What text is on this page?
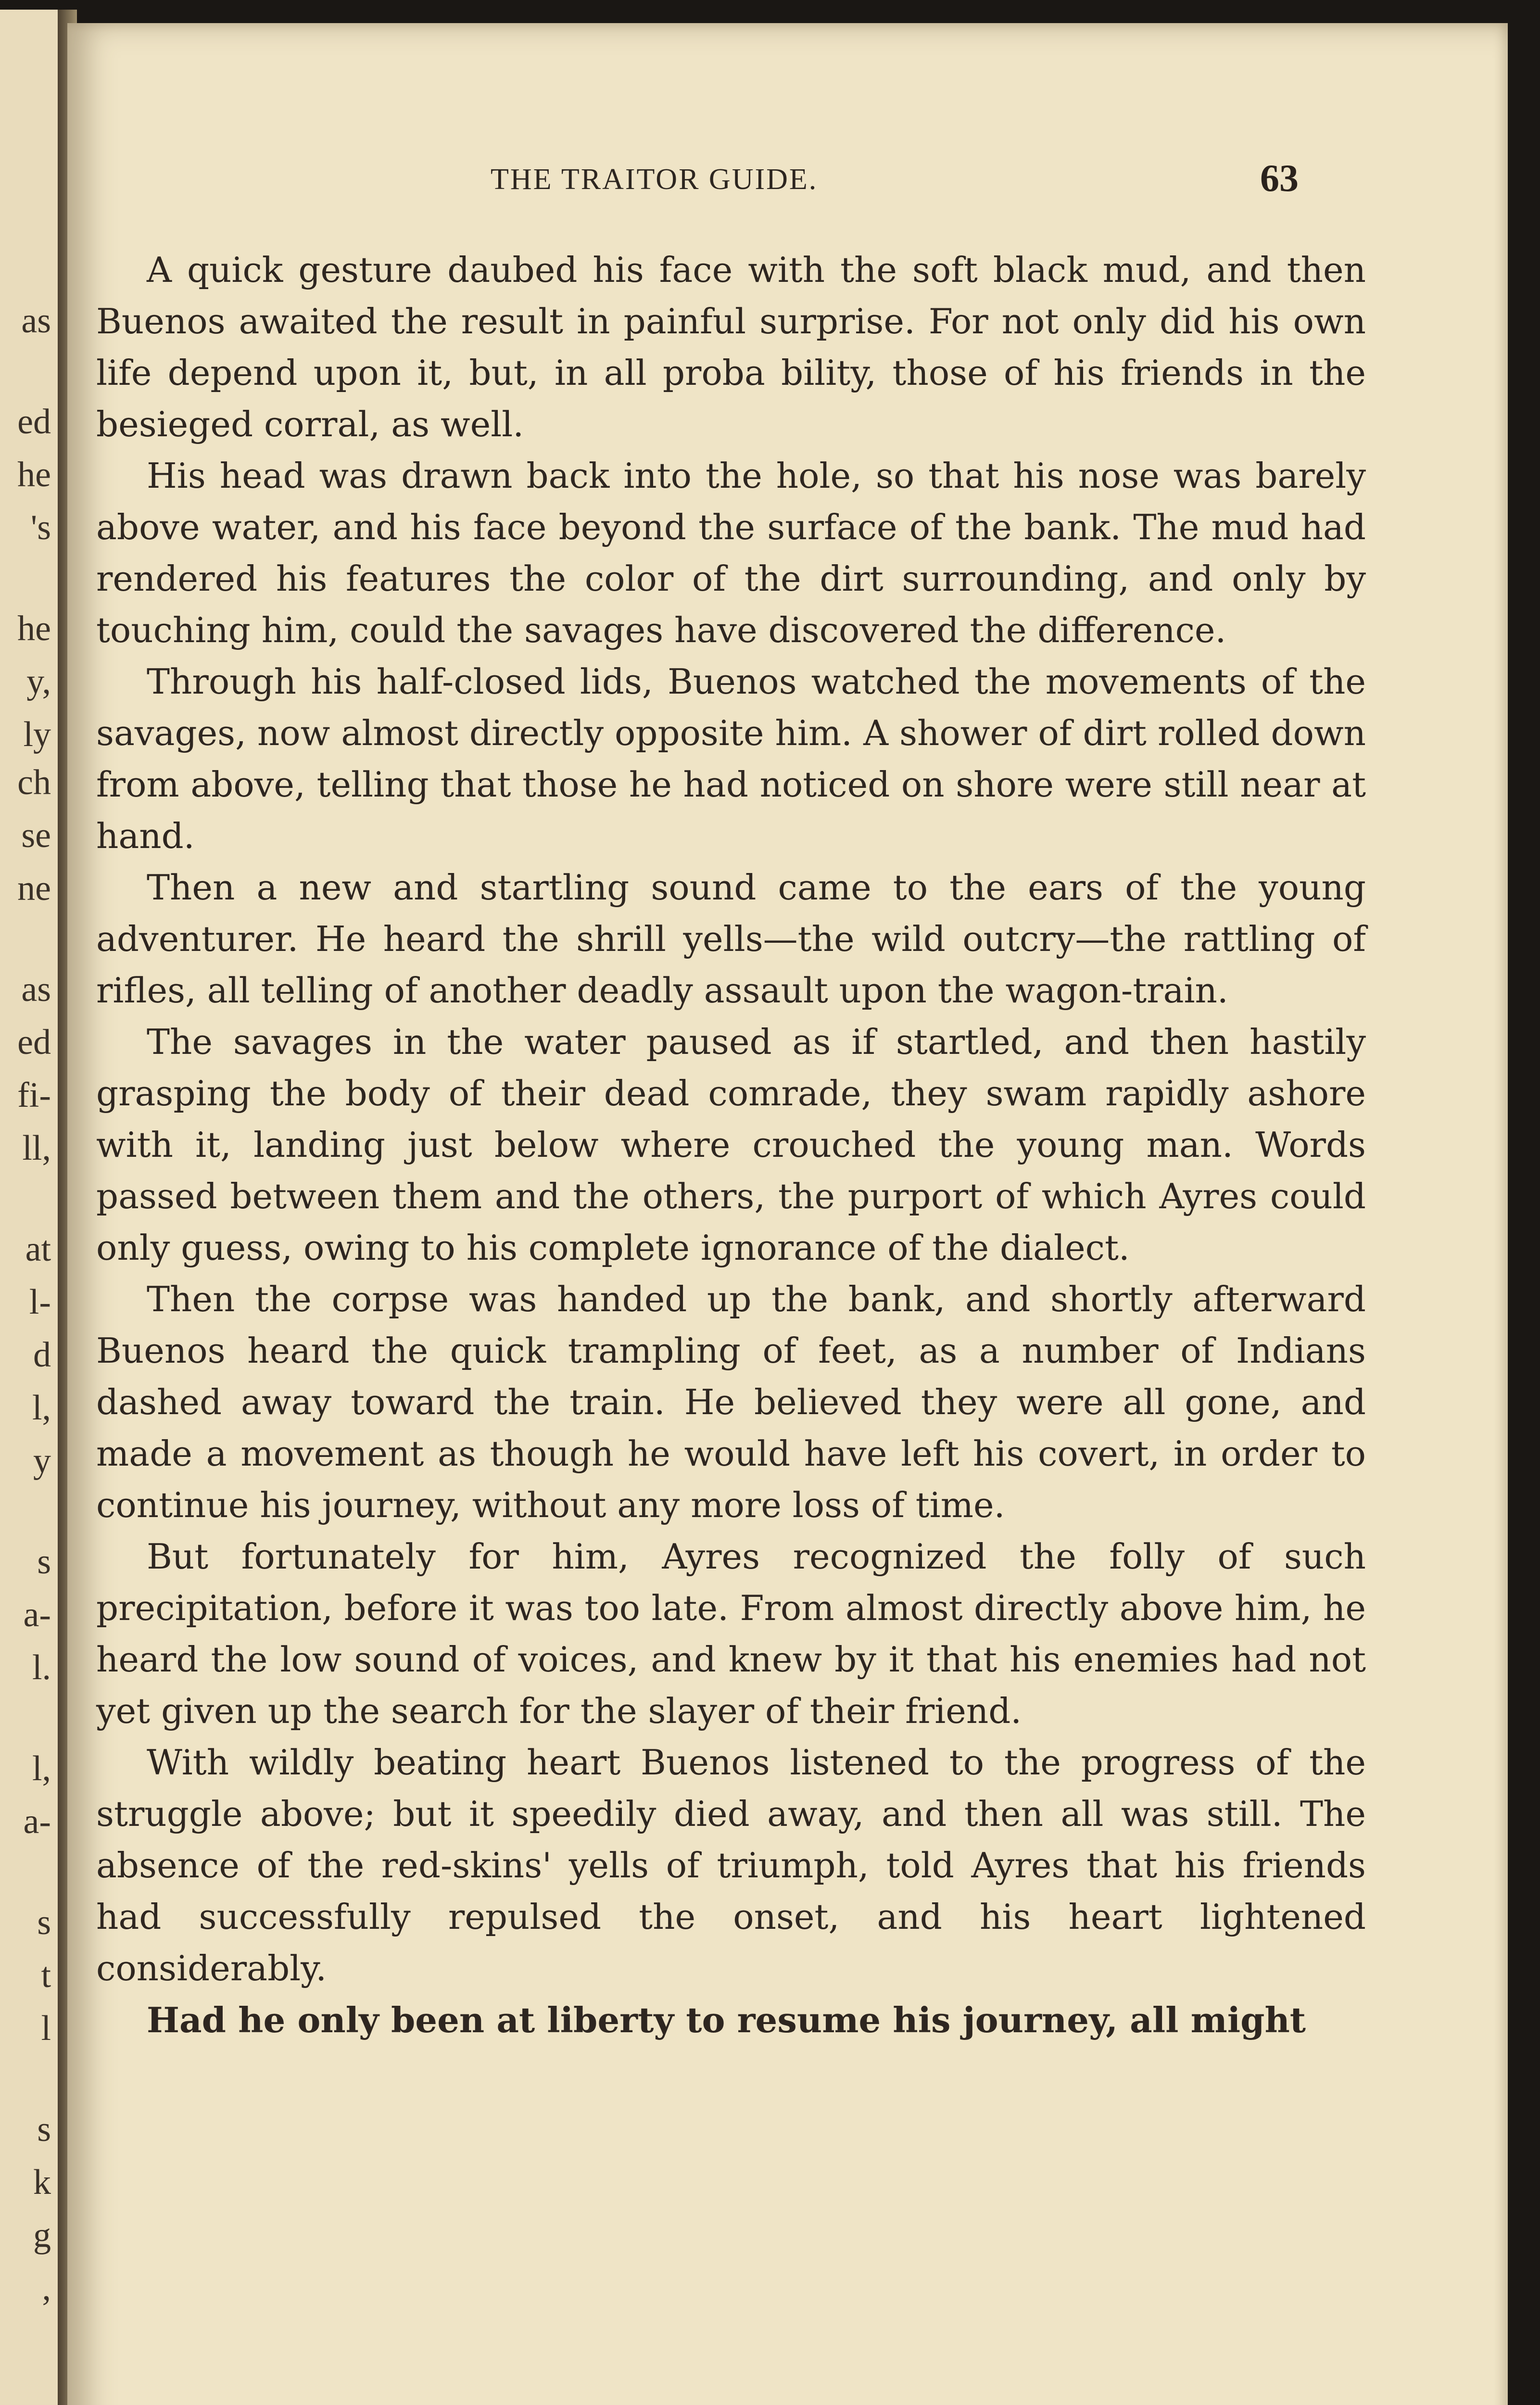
as
ed
he
's
he
y,
ly
ch
se
ne
as
ed
fi-
ll,
at
l-
d
l,
y
s
a-
l.
l,
a-
s
t
l
s
k
g
,
THE TRAITOR GUIDE.	63

A quick gesture daubed his face with the soft black mud, and then Buenos awaited the result in painful surprise. For not only did his own life depend upon it, but, in all proba bility, those of his friends in the besieged corral, as well.

His head was drawn back into the hole, so that his nose was barely above water, and his face beyond the surface of the bank. The mud had rendered his features the color of the dirt surrounding, and only by touching him, could the savages have discovered the difference.

Through his half-closed lids, Buenos watched the movements of the savages, now almost directly opposite him. A shower of dirt rolled down from above, telling that those he had noticed on shore were still near at hand.

Then a new and startling sound came to the ears of the young adventurer. He heard the shrill yells—the wild outcry—the rattling of rifles, all telling of another deadly assault upon the wagon-train.

The savages in the water paused as if startled, and then hastily grasping the body of their dead comrade, they swam rapidly ashore with it, landing just below where crouched the young man. Words passed between them and the others, the purport of which Ayres could only guess, owing to his complete ignorance of the dialect.

Then the corpse was handed up the bank, and shortly afterward Buenos heard the quick trampling of feet, as a number of Indians dashed away toward the train. He believed they were all gone, and made a movement as though he would have left his covert, in order to continue his journey, without any more loss of time.

But fortunately for him, Ayres recognized the folly of such precipitation, before it was too late. From almost directly above him, he heard the low sound of voices, and knew by it that his enemies had not yet given up the search for the slayer of their friend.

With wildly beating heart Buenos listened to the progress of the struggle above; but it speedily died away, and then all was still. The absence of the red-skins' yells of triumph, told Ayres that his friends had successfully repulsed the onset, and his heart lightened considerably.

Had he only been at liberty to resume his journey, all might
